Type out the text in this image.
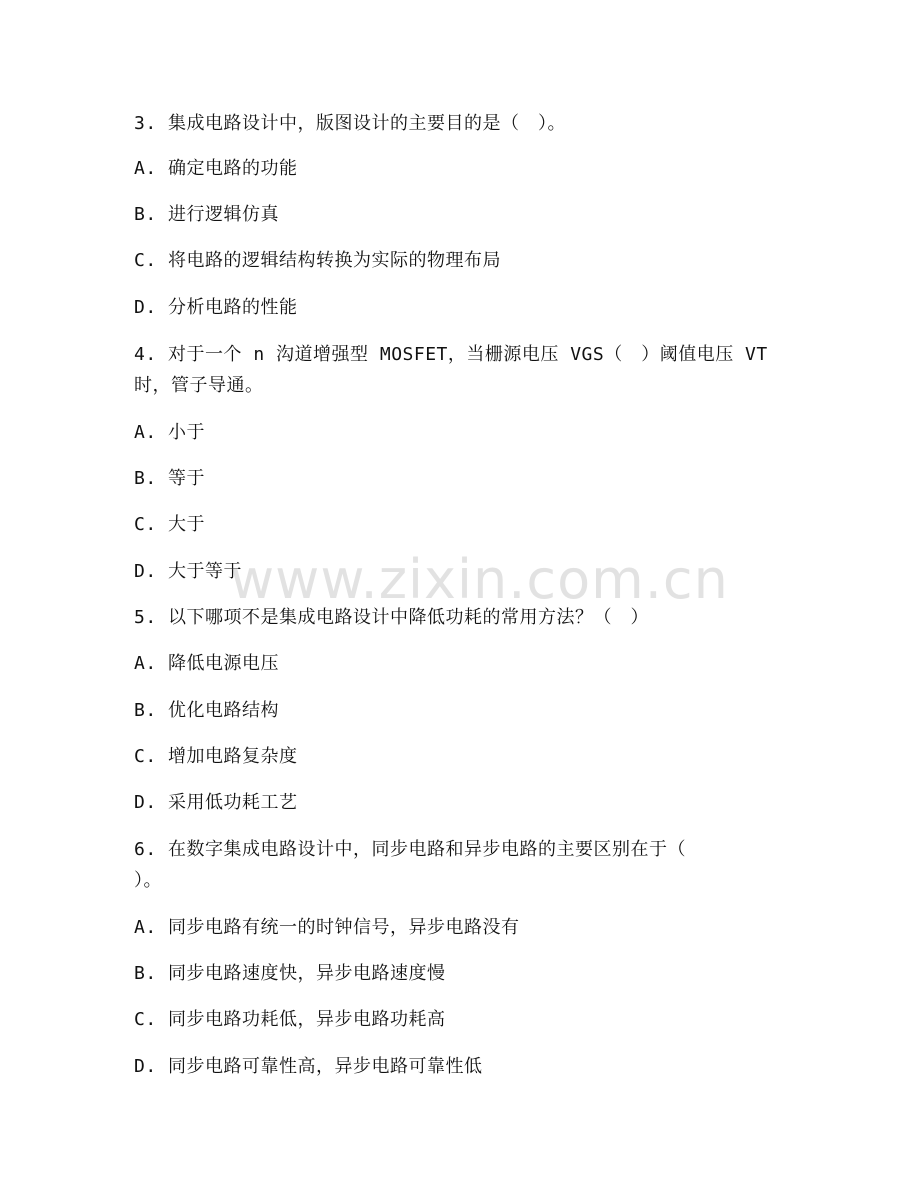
3. 集成电路设计中，版图设计的主要目的是（　）。
A. 确定电路的功能
B. 进行逻辑仿真
C. 将电路的逻辑结构转换为实际的物理布局
D. 分析电路的性能
4. 对于一个 n 沟道增强型 MOSFET，当栅源电压 VGS（　）阈值电压 VT
时，管子导通。
A. 小于
B. 等于
C. 大于
D. 大于等于
5. 以下哪项不是集成电路设计中降低功耗的常用方法？（　）
A. 降低电源电压
B. 优化电路结构
C. 增加电路复杂度
D. 采用低功耗工艺
6. 在数字集成电路设计中，同步电路和异步电路的主要区别在于（
）。
A. 同步电路有统一的时钟信号，异步电路没有
B. 同步电路速度快，异步电路速度慢
C. 同步电路功耗低，异步电路功耗高
D. 同步电路可靠性高，异步电路可靠性低
www.zixin.com.cn
